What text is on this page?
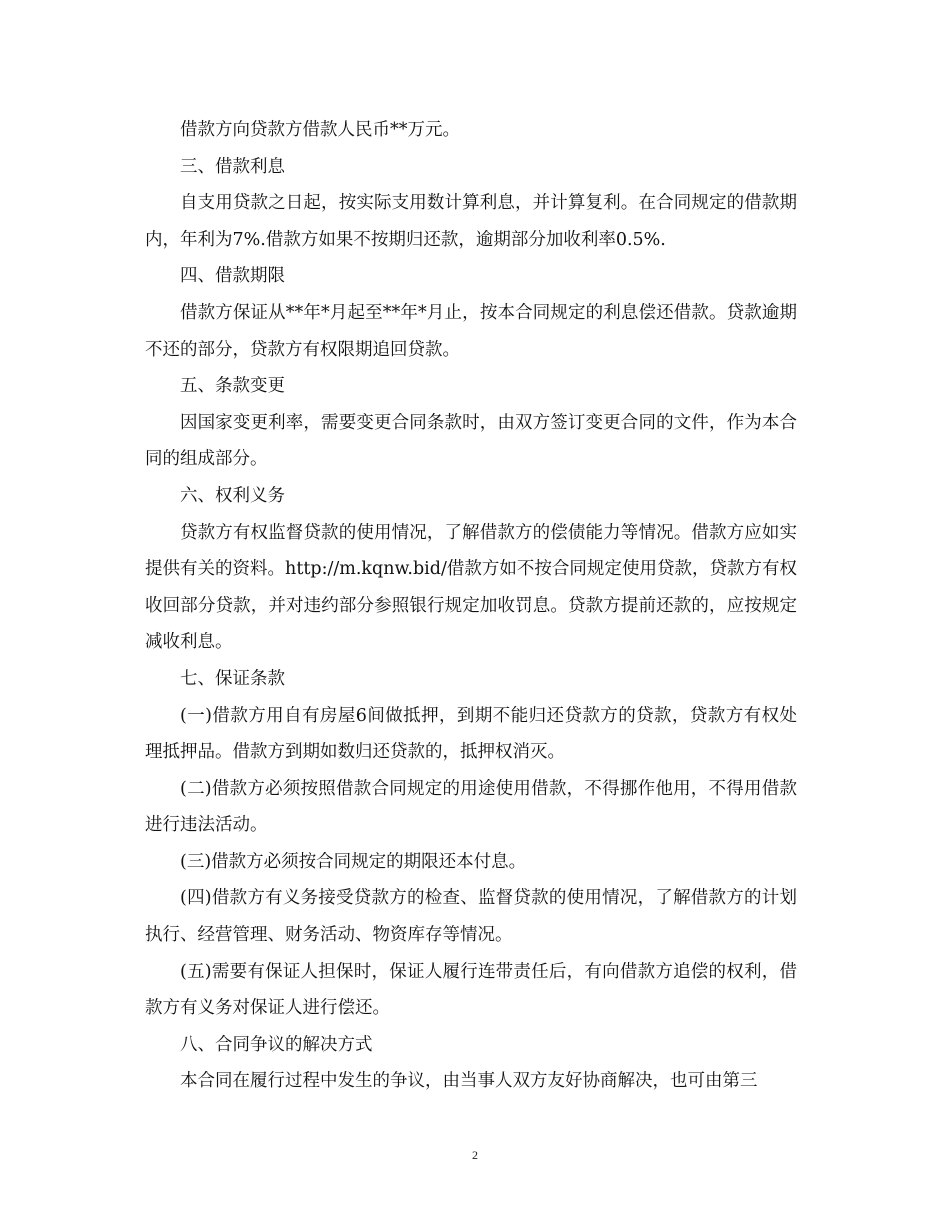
借款方向贷款方借款人民币**万元。

三、借款利息

自支用贷款之日起，按实际支用数计算利息，并计算复利。在合同规定的借款期内，年利为7%.借款方如果不按期归还款，逾期部分加收利率0.5%.

四、借款期限

借款方保证从**年*月起至**年*月止，按本合同规定的利息偿还借款。贷款逾期不还的部分，贷款方有权限期追回贷款。

五、条款变更

因国家变更利率，需要变更合同条款时，由双方签订变更合同的文件，作为本合同的组成部分。

六、权利义务

贷款方有权监督贷款的使用情况，了解借款方的偿债能力等情况。借款方应如实提供有关的资料。http://m.kqnw.bid/借款方如不按合同规定使用贷款，贷款方有权收回部分贷款，并对违约部分参照银行规定加收罚息。贷款方提前还款的，应按规定减收利息。

七、保证条款

(一)借款方用自有房屋6间做抵押，到期不能归还贷款方的贷款，贷款方有权处理抵押品。借款方到期如数归还贷款的，抵押权消灭。

(二)借款方必须按照借款合同规定的用途使用借款，不得挪作他用，不得用借款进行违法活动。

(三)借款方必须按合同规定的期限还本付息。

(四)借款方有义务接受贷款方的检查、监督贷款的使用情况，了解借款方的计划执行、经营管理、财务活动、物资库存等情况。

(五)需要有保证人担保时，保证人履行连带责任后，有向借款方追偿的权利，借款方有义务对保证人进行偿还。

八、合同争议的解决方式

本合同在履行过程中发生的争议，由当事人双方友好协商解决，也可由第三

2
